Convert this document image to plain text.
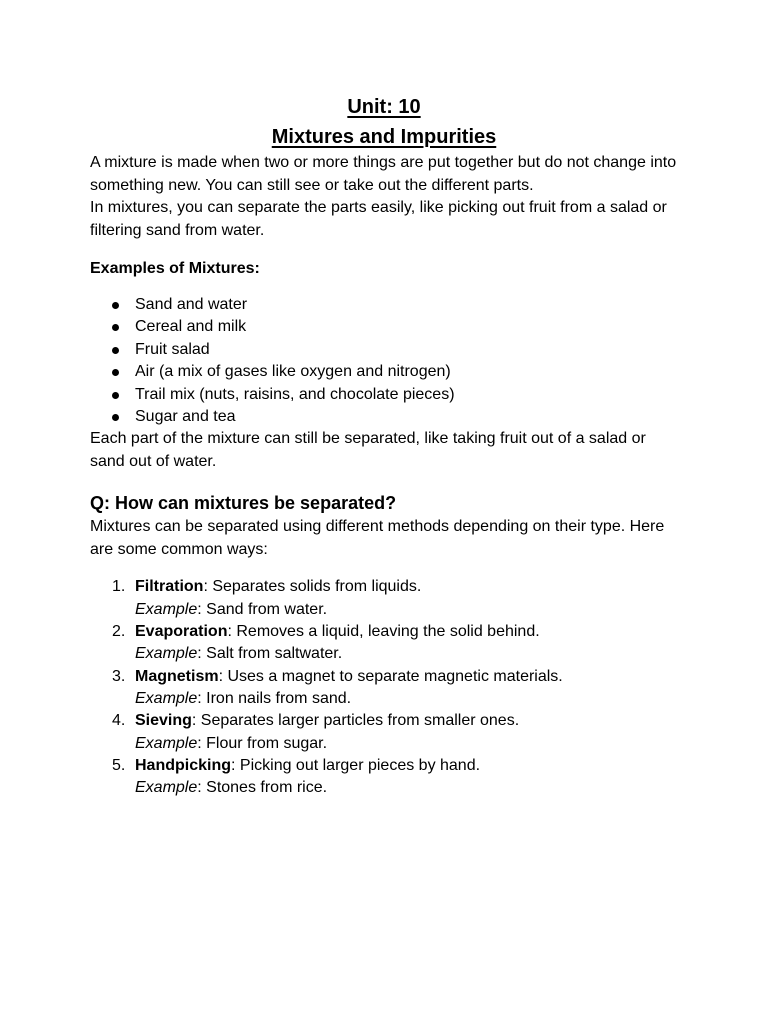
Unit: 10
Mixtures and Impurities

A mixture is made when two or more things are put together but do not change into something new. You can still see or take out the different parts.

In mixtures, you can separate the parts easily, like picking out fruit from a salad or filtering sand from water.

Examples of Mixtures:

Sand and water
Cereal and milk
Fruit salad
Air (a mix of gases like oxygen and nitrogen)
Trail mix (nuts, raisins, and chocolate pieces)
Sugar and tea

Each part of the mixture can still be separated, like taking fruit out of a salad or sand out of water.

Q: How can mixtures be separated?

Mixtures can be separated using different methods depending on their type. Here are some common ways:

1. Filtration: Separates solids from liquids.
Example: Sand from water.
2. Evaporation: Removes a liquid, leaving the solid behind.
Example: Salt from saltwater.
3. Magnetism: Uses a magnet to separate magnetic materials.
Example: Iron nails from sand.
4. Sieving: Separates larger particles from smaller ones.
Example: Flour from sugar.
5. Handpicking: Picking out larger pieces by hand.
Example: Stones from rice.
